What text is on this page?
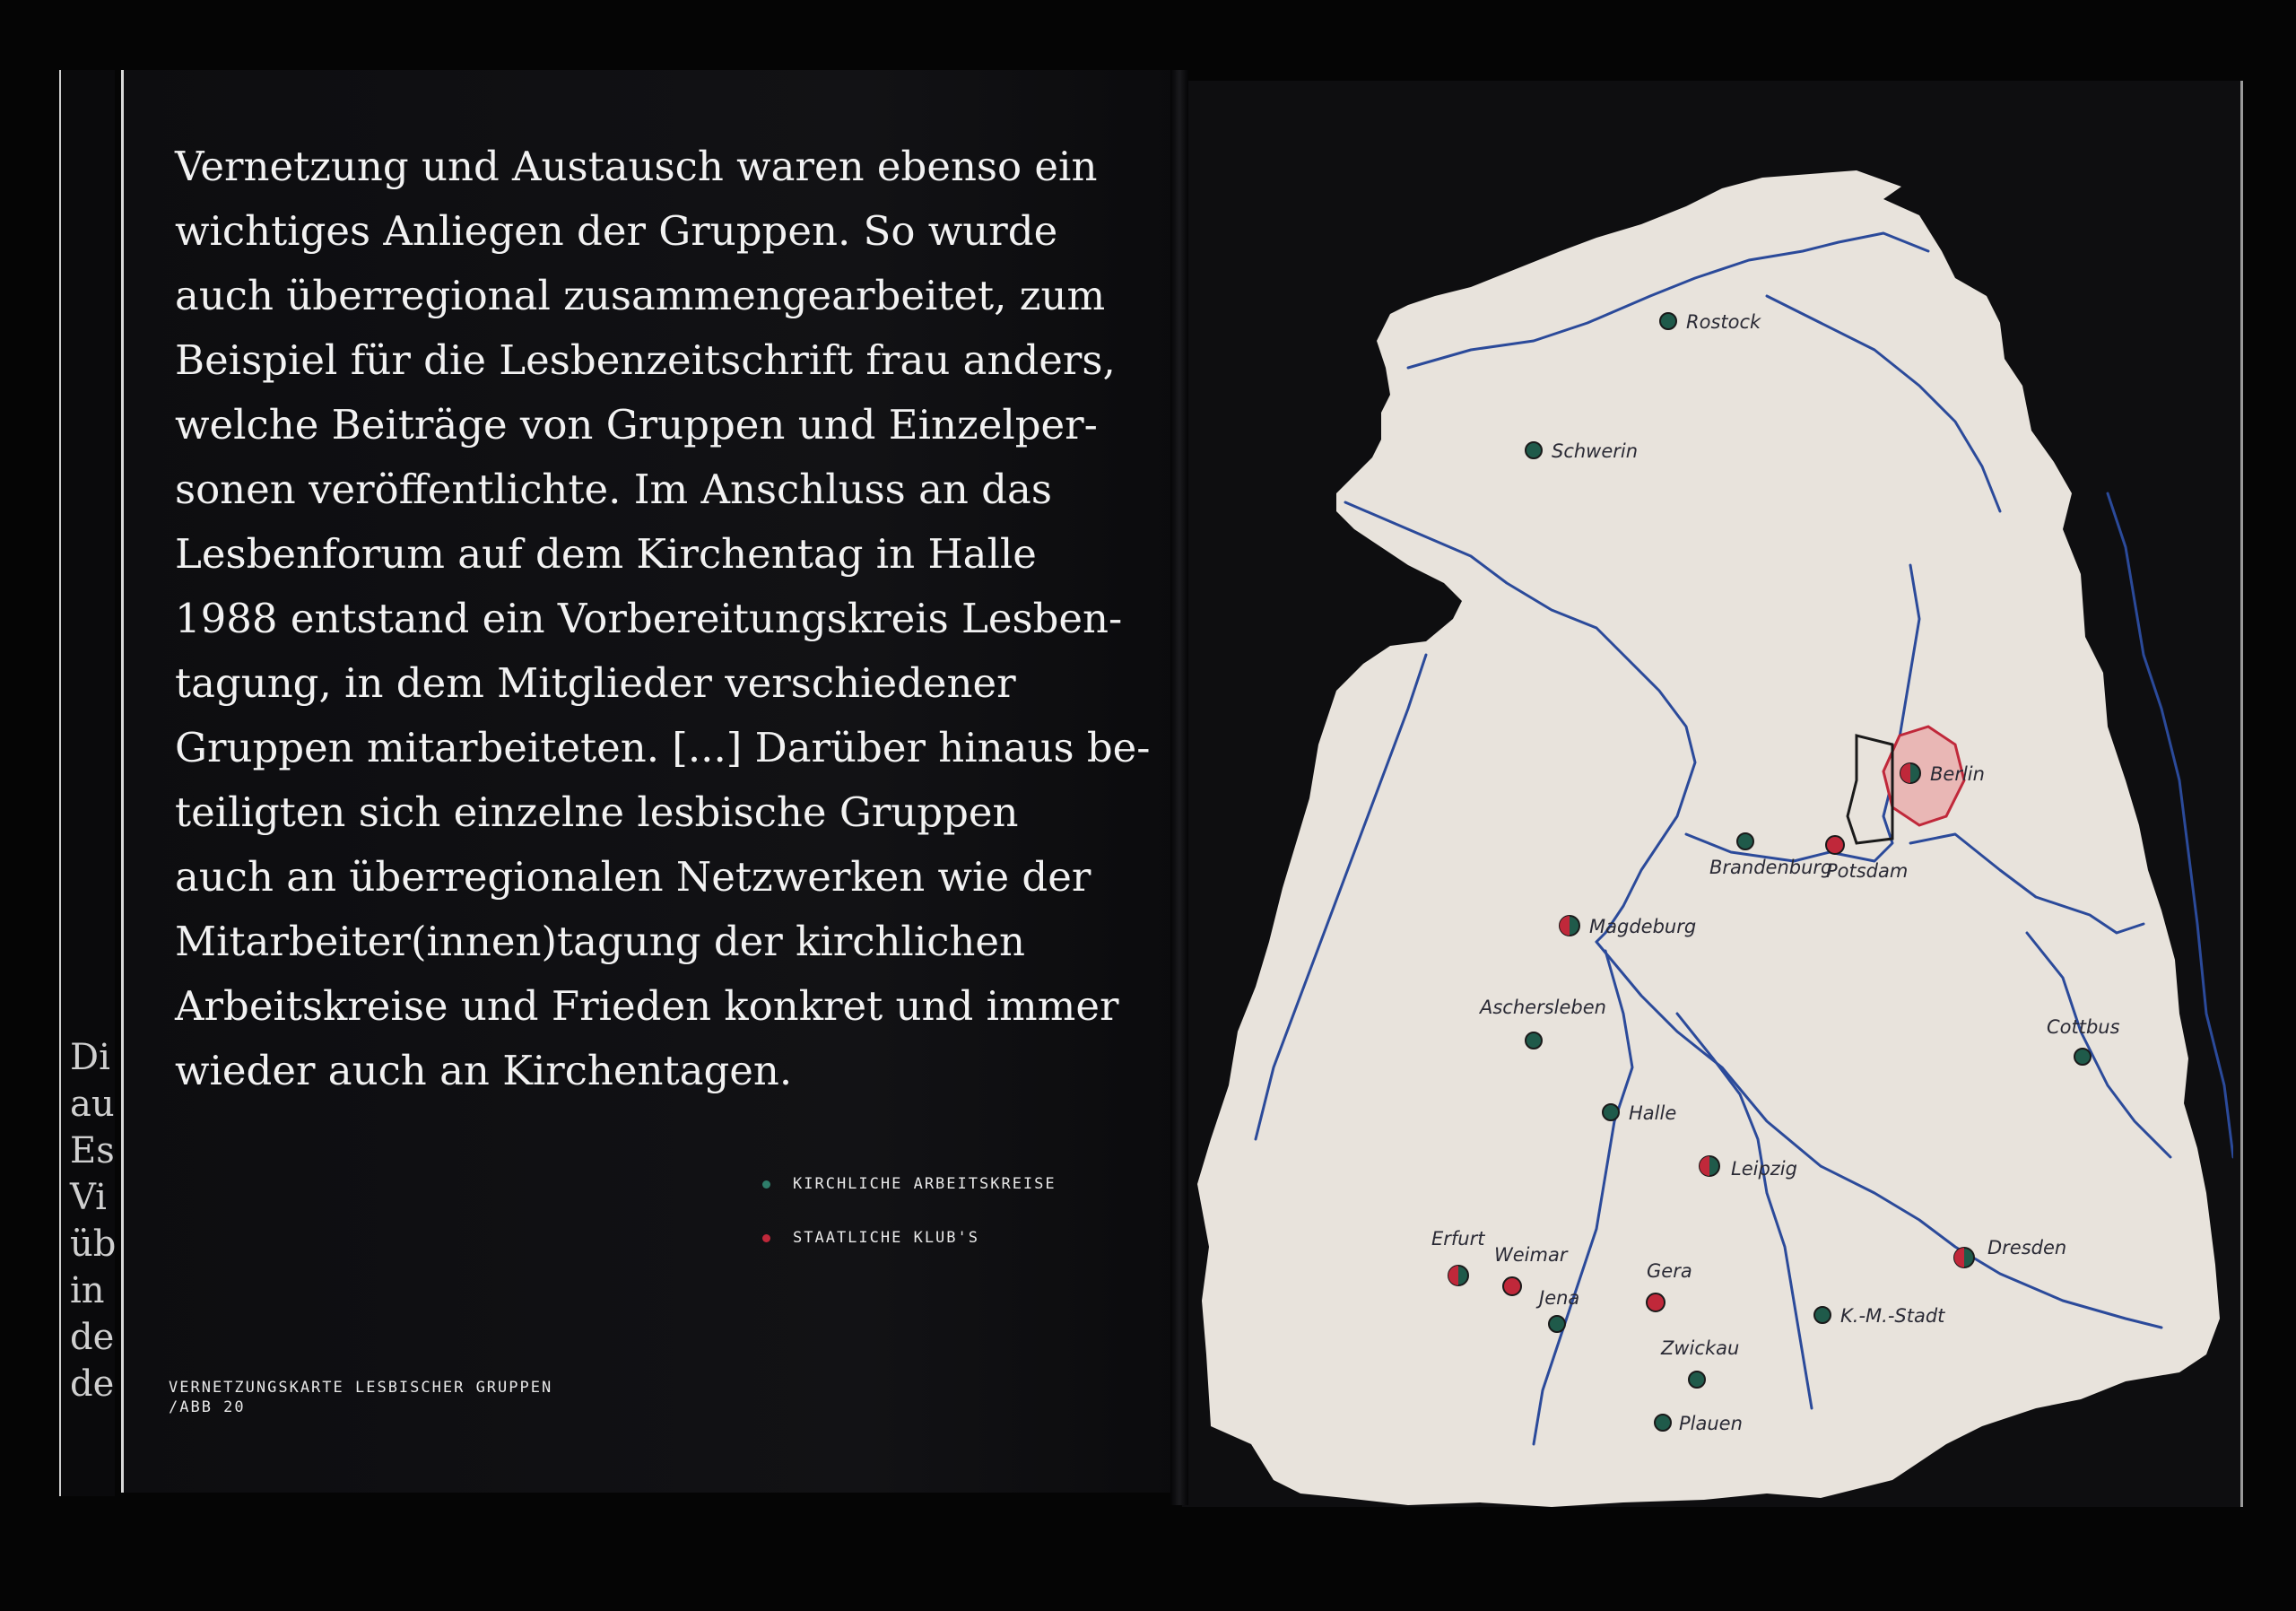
Di
au
Es
Vi
üb
in
de
de
Vernetzung und Austausch waren ebenso ein
wichtiges Anliegen der Gruppen. So wurde
auch überregional zusammengearbeitet, zum
Beispiel für die Lesbenzeitschrift frau anders,
welche Beiträge von Gruppen und Einzelper-
sonen veröffentlichte. Im Anschluss an das
Lesbenforum auf dem Kirchentag in Halle
1988 entstand ein Vorbereitungskreis Lesben-
tagung, in dem Mitglieder verschiedener
Gruppen mitarbeiteten. [...] Darüber hinaus be-
teiligten sich einzelne lesbische Gruppen
auch an überregionalen Netzwerken wie der
Mitarbeiter(innen)tagung der kirchlichen
Arbeitskreise und Frieden konkret und immer
wieder auch an Kirchentagen.
KIRCHLICHE ARBEITSKREISE
STAATLICHE KLUB'S
VERNETZUNGSKARTE LESBISCHER GRUPPEN
/ABB 20
Rostock
Schwerin
Berlin
Brandenburg
Potsdam
Magdeburg
Aschersleben
Cottbus
Halle
Leipzig
Dresden
Erfurt
Weimar
Gera
Jena
K.-M.-Stadt
Zwickau
Plauen
